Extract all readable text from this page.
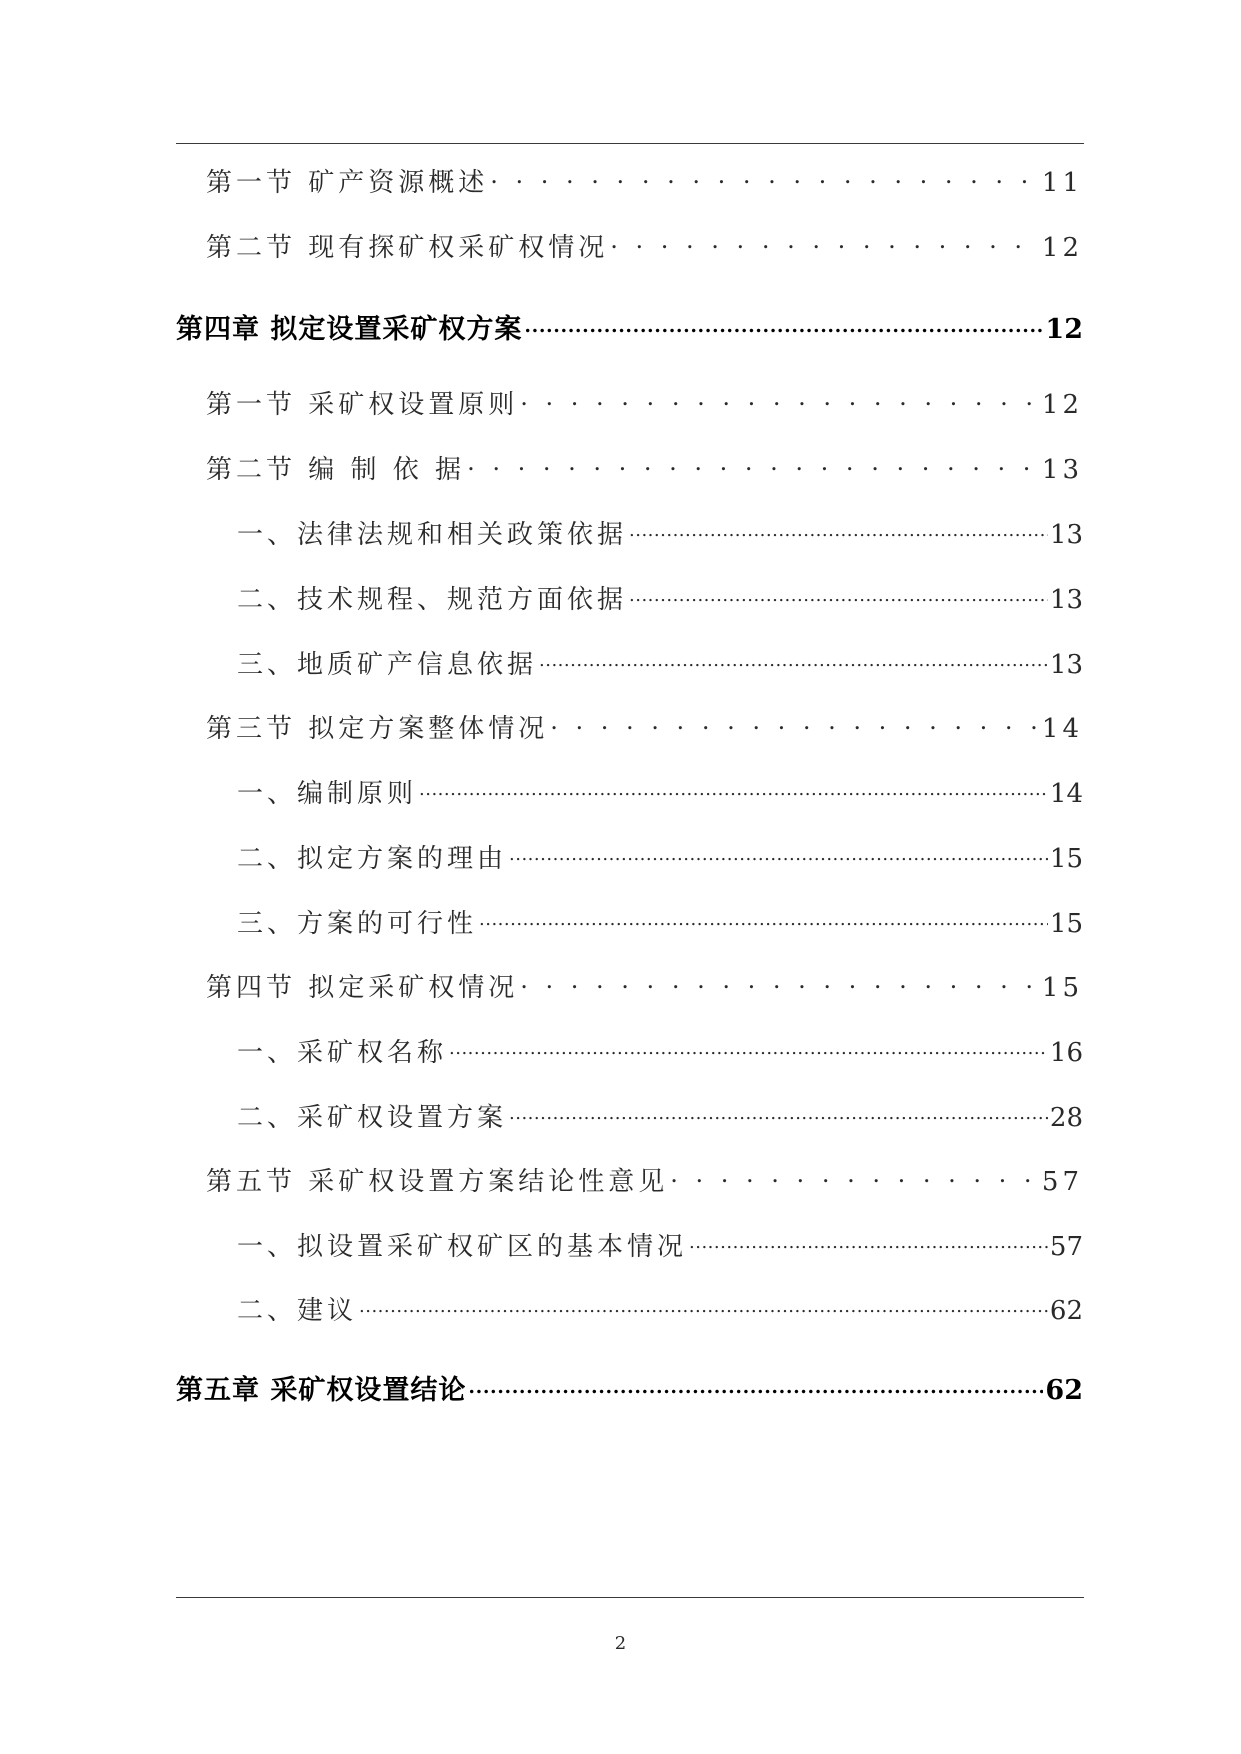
第一节 矿产资源概述 . . .	11
第二节 现有探矿权采矿权情况 . . .	12
第四章 拟定设置采矿权方案 .....	12
第一节 采矿权设置原则 . . .	12
第二节 编 制 依 据 . . .	13
一、法律法规和相关政策依据 .....	13
二、技术规程、规范方面依据 .....	13
三、地质矿产信息依据 .....	13
第三节 拟定方案整体情况 . . .	14
一、编制原则 .....	14
二、拟定方案的理由 .....	15
三、方案的可行性 .....	15
第四节 拟定采矿权情况 . . .	15
一、采矿权名称 .....	16
二、采矿权设置方案 .....	28
第五节 采矿权设置方案结论性意见 . . .	57
一、拟设置采矿权矿区的基本情况 .....	57
二、建议 .....	62
第五章 采矿权设置结论 .....	62
2
